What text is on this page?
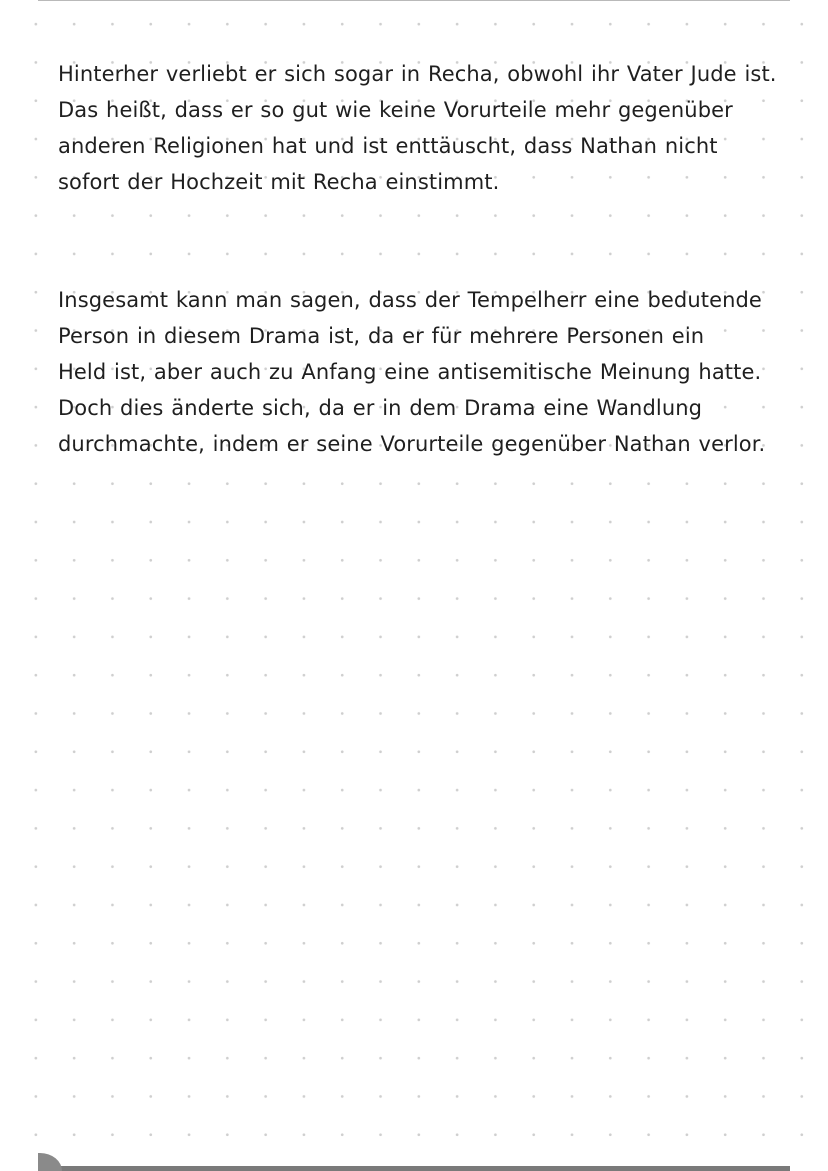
Hinterher verliebt er sich sogar in Recha, obwohl ihr Vater Jude ist.
Das heißt, dass er so gut wie keine Vorurteile mehr gegenüber
anderen Religionen hat und ist enttäuscht, dass Nathan nicht
sofort der Hochzeit mit Recha einstimmt.

Insgesamt kann man sagen, dass der Tempelherr eine bedutende
Person in diesem Drama ist, da er für mehrere Personen ein
Held ist, aber auch zu Anfang eine antisemitische Meinung hatte.
Doch dies änderte sich, da er in dem Drama eine Wandlung
durchmachte, indem er seine Vorurteile gegenüber Nathan verlor.
